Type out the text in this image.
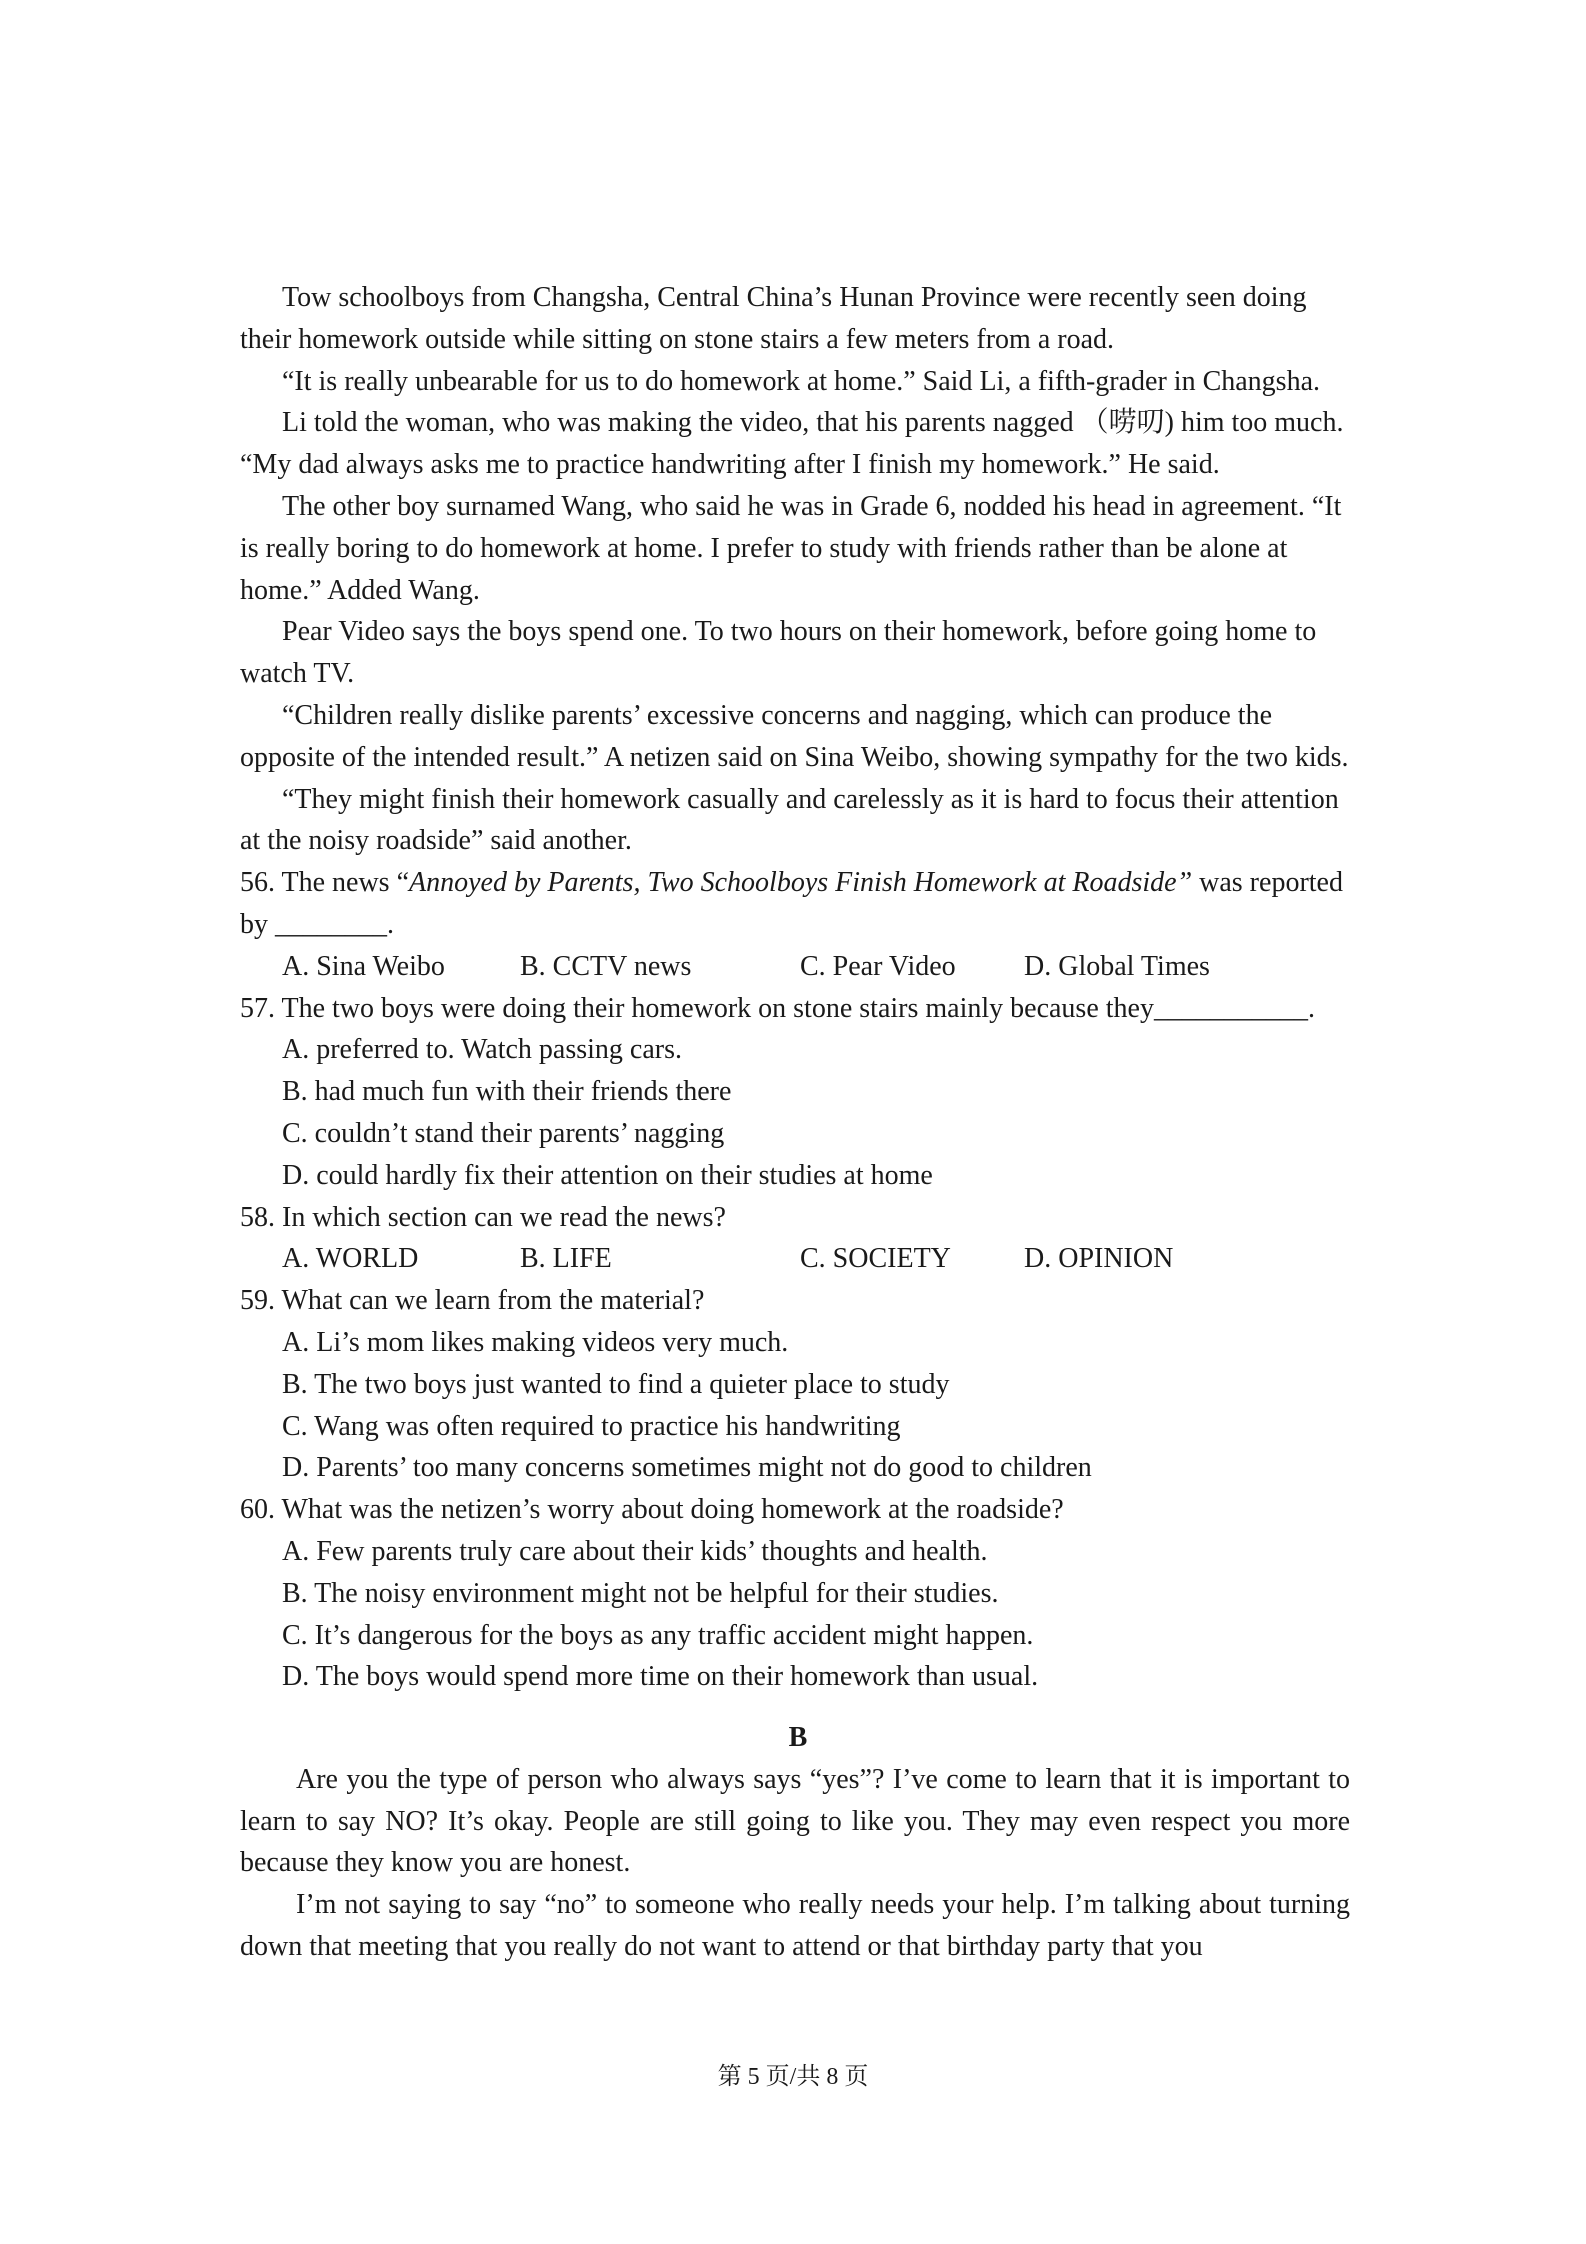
Tow schoolboys from Changsha, Central China’s Hunan Province were recently seen doing their homework outside while sitting on stone stairs a few meters from a road.

“It is really unbearable for us to do homework at home.” Said Li, a fifth-grader in Changsha.

Li told the woman, who was making the video, that his parents nagged （唠叨) him too much. “My dad always asks me to practice handwriting after I finish my homework.” He said.

The other boy surnamed Wang, who said he was in Grade 6, nodded his head in agreement. “It is really boring to do homework at home. I prefer to study with friends rather than be alone at home.” Added Wang.

Pear Video says the boys spend one. To two hours on their homework, before going home to watch TV.

“Children really dislike parents’ excessive concerns and nagging, which can produce the opposite of the intended result.” A netizen said on Sina Weibo, showing sympathy for the two kids.

“They might finish their homework casually and carelessly as it is hard to focus their attention at the noisy roadside” said another.

56. The news “Annoyed by Parents, Two Schoolboys Finish Homework at Roadside” was reported by ________.

A. Sina Weibo	B. CCTV news	C. Pear Video D. Global Times

57. The two boys were doing their homework on stone stairs mainly because they___________.

A. preferred to. Watch passing cars.

B. had much fun with their friends there

C. couldn’t stand their parents’ nagging

D. could hardly fix their attention on their studies at home

58. In which section can we read the news?

A. WORLD	B. LIFE	C. SOCIETY	D. OPINION

59. What can we learn from the material?

A. Li’s mom likes making videos very much.

B. The two boys just wanted to find a quieter place to study

C. Wang was often required to practice his handwriting

D. Parents’ too many concerns sometimes might not do good to children

60. What was the netizen’s worry about doing homework at the roadside?

A. Few parents truly care about their kids’ thoughts and health.

B. The noisy environment might not be helpful for their studies.

C. It’s dangerous for the boys as any traffic accident might happen.

D. The boys would spend more time on their homework than usual.

B

Are you the type of person who always says “yes”? I’ve come to learn that it is important to learn to say NO? It’s okay. People are still going to like you. They may even respect you more because they know you are honest.

I’m not saying to say “no” to someone who really needs your help. I’m talking about turning down that meeting that you really do not want to attend or that birthday party that you

第 5 页/共 8 页
